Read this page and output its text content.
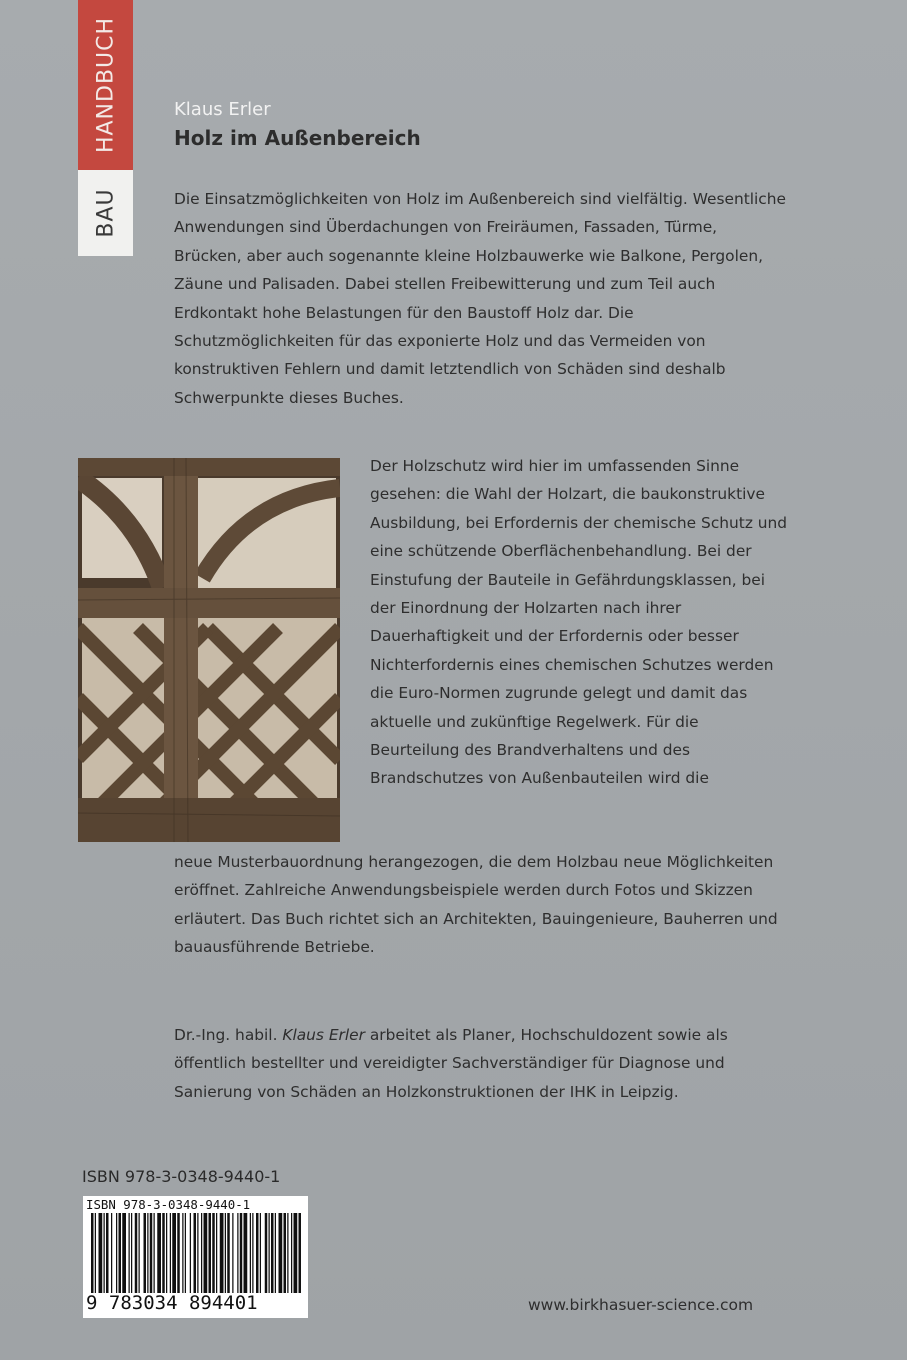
HANDBUCH
BAU
Klaus Erler
Holz im Außenbereich

Die Einsatzmöglichkeiten von Holz im Außenbereich sind vielfältig. Wesentliche Anwendungen sind Überdachungen von Freiräumen, Fassaden, Türme, Brücken, aber auch sogenannte kleine Holzbauwerke wie Balkone, Pergolen, Zäune und Palisaden. Dabei stellen Freibewitterung und zum Teil auch Erdkontakt hohe Belastungen für den Baustoff Holz dar. Die Schutzmöglichkeiten für das exponierte Holz und das Vermeiden von konstruktiven Fehlern und damit letztendlich von Schäden sind deshalb Schwerpunkte dieses Buches.

Der Holzschutz wird hier im umfassenden Sinne gesehen: die Wahl der Holzart, die baukonstruktive Ausbildung, bei Erfordernis der chemische Schutz und eine schützende Oberflächenbehandlung. Bei der Einstufung der Bauteile in Gefährdungsklassen, bei der Einordnung der Holzarten nach ihrer Dauerhaftigkeit und der Erfordernis oder besser Nichterfordernis eines chemischen Schutzes werden die Euro-Normen zugrunde gelegt und damit das aktuelle und zukünftige Regelwerk. Für die Beurteilung des Brandverhaltens und des Brandschutzes von Außenbauteilen wird die

neue Musterbauordnung herangezogen, die dem Holzbau neue Möglichkeiten eröffnet. Zahlreiche Anwendungsbeispiele werden durch Fotos und Skizzen erläutert. Das Buch richtet sich an Architekten, Bauingenieure, Bauherren und bauausführende Betriebe.

Dr.-Ing. habil. Klaus Erler arbeitet als Planer, Hochschuldozent sowie als öffentlich bestellter und vereidigter Sachverständiger für Diagnose und Sanierung von Schäden an Holzkonstruktionen der IHK in Leipzig.

ISBN 978-3-0348-9440-1
ISBN 978-3-0348-9440-1
9 783034 894401	www.birkhasuer-science.com
